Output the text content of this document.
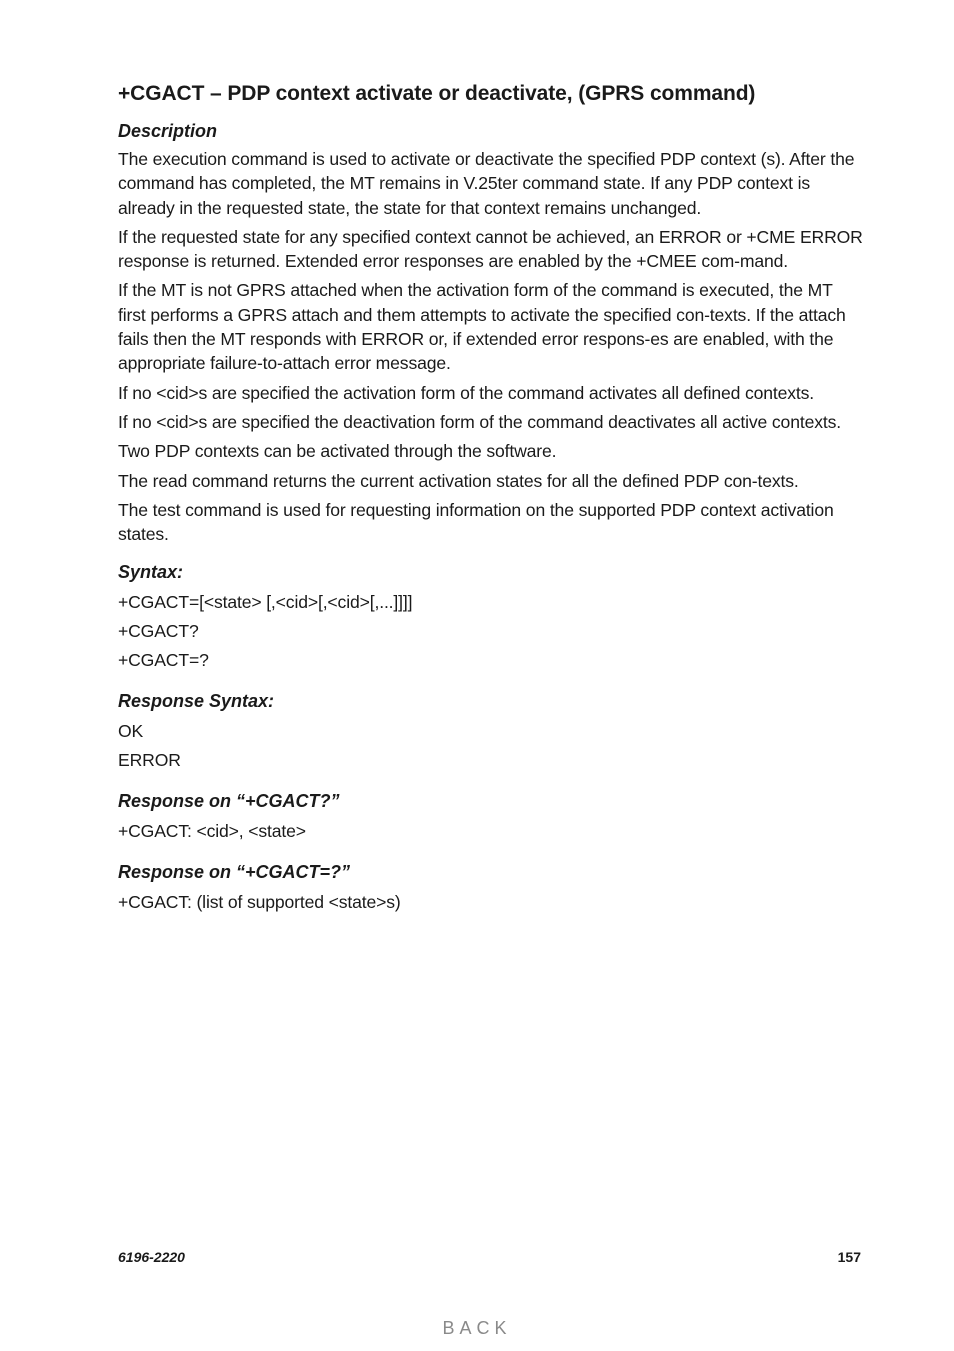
+CGACT – PDP context activate or deactivate, (GPRS command)
Description

The execution command is used to activate or deactivate the specified PDP context (s). After the command has completed, the MT remains in V.25ter command state. If any PDP context is already in the requested state, the state for that context remains unchanged.

If the requested state for any specified context cannot be achieved, an ERROR or +CME ERROR response is returned. Extended error responses are enabled by the +CMEE com-mand.

If the MT is not GPRS attached when the activation form of the command is executed, the MT first performs a GPRS attach and them attempts to activate the specified con-texts. If the attach fails then the MT responds with ERROR or, if extended error respons-es are enabled, with the appropriate failure-to-attach error message.

If no <cid>s are specified the activation form of the command activates all defined contexts.

If no <cid>s are specified the deactivation form of the command deactivates all active contexts.

Two PDP contexts can be activated through the software.

The read command returns the current activation states for all the defined PDP con-texts.

The test command is used for requesting information on the supported PDP context activation states.

Syntax:

+CGACT=[<state> [,<cid>[,<cid>[,...]]]]

+CGACT?

+CGACT=?

Response Syntax:

OK

ERROR

Response on “+CGACT?”

+CGACT: <cid>, <state>

Response on “+CGACT=?”

+CGACT: (list of supported <state>s)

6196-2220	157
BACK
